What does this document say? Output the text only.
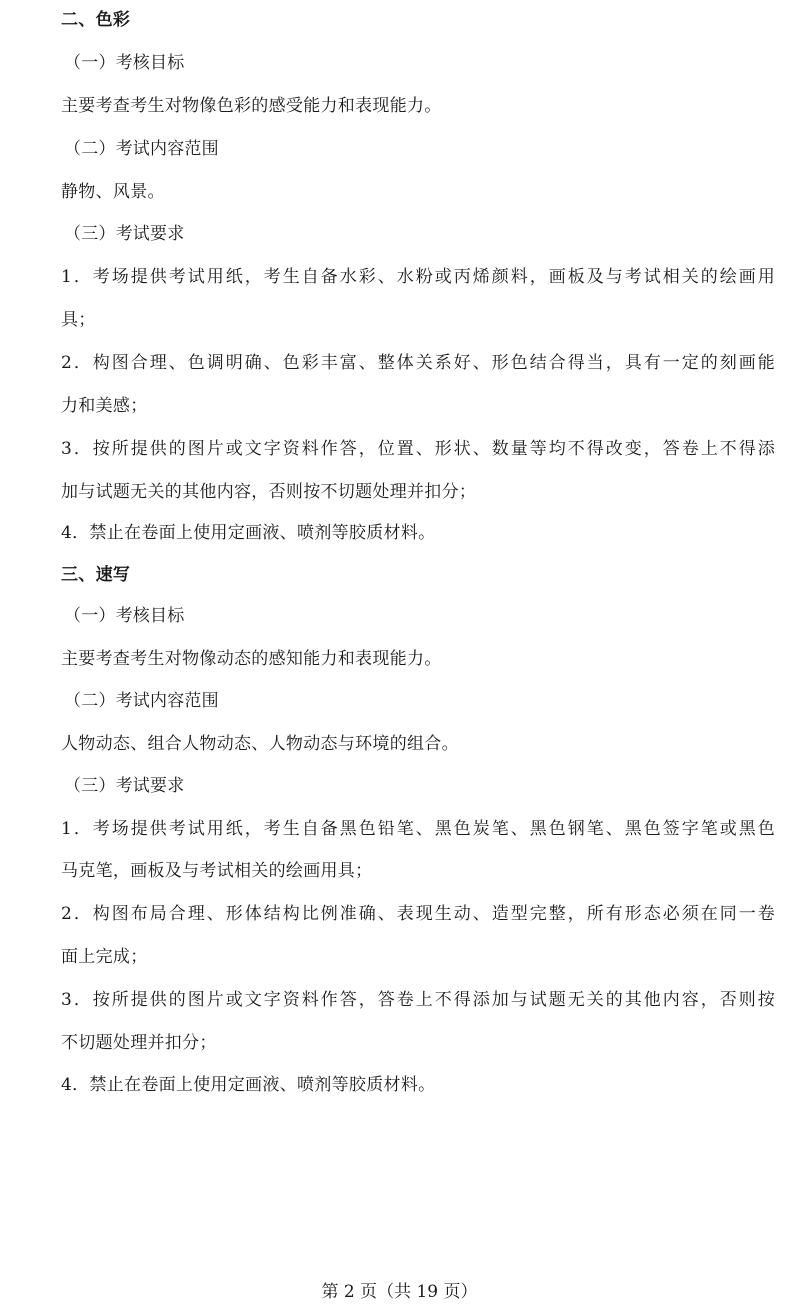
二、色彩
（一）考核目标
主要考查考生对物像色彩的感受能力和表现能力。
（二）考试内容范围
静物、风景。
（三）考试要求
1．考场提供考试用纸，考生自备水彩、水粉或丙烯颜料，画板及与考试相关的绘画用
具；
2．构图合理、色调明确、色彩丰富、整体关系好、形色结合得当，具有一定的刻画能
力和美感；
3．按所提供的图片或文字资料作答，位置、形状、数量等均不得改变，答卷上不得添
加与试题无关的其他内容，否则按不切题处理并扣分；
4．禁止在卷面上使用定画液、喷剂等胶质材料。
三、速写
（一）考核目标
主要考查考生对物像动态的感知能力和表现能力。
（二）考试内容范围
人物动态、组合人物动态、人物动态与环境的组合。
（三）考试要求
1．考场提供考试用纸，考生自备黑色铅笔、黑色炭笔、黑色钢笔、黑色签字笔或黑色
马克笔，画板及与考试相关的绘画用具；
2．构图布局合理、形体结构比例准确、表现生动、造型完整，所有形态必须在同一卷
面上完成；
3．按所提供的图片或文字资料作答，答卷上不得添加与试题无关的其他内容，否则按
不切题处理并扣分；
4．禁止在卷面上使用定画液、喷剂等胶质材料。
第 2 页（共 19 页）
